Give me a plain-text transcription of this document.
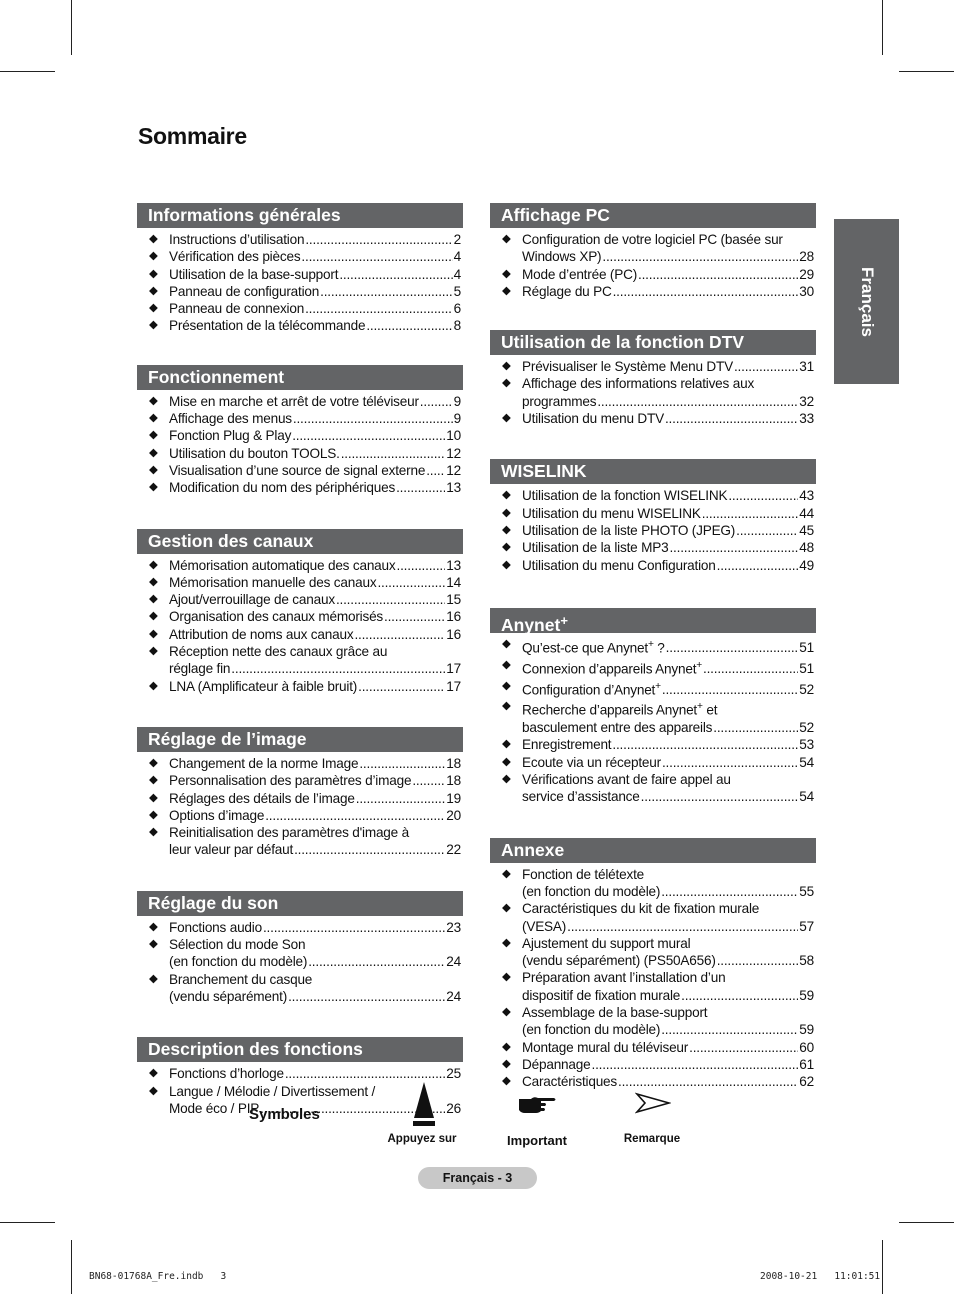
Sommaire
Français
Informations générales
◆ Instructions d’utilisation .....	2
◆ Vérification des pièces .....	4
◆ Utilisation de la base-support .....	4
◆ Panneau de configuration .....	5
◆ Panneau de connexion .....	6
◆ Présentation de la télécommande .....	8
Fonctionnement
◆ Mise en marche et arrêt de votre téléviseur .....	9
◆ Affichage des menus .....	9
◆ Fonction Plug & Play .....	10
◆ Utilisation du bouton TOOLS. .....	12
◆ Visualisation d’une source de signal externe ..... 12
◆ Modification du nom des périphériques .....	13
Gestion des canaux
◆ Mémorisation automatique des canaux .....	13
◆ Mémorisation manuelle des canaux .....	14
◆ Ajout/verrouillage de canaux .....	15
◆ Organisation des canaux mémorisés .....	16
◆ Attribution de noms aux canaux .....	16
◆ Réception nette des canaux grâce au
réglage fin .....	17
◆ LNA (Amplificateur à faible bruit) .....	17
Réglage de l’image
◆ Changement de la norme Image .....	18
◆ Personnalisation des paramètres d’image .....	18
◆ Réglages des détails de l’image .....	19
◆ Options d’image .....	20
◆ Reinitialisation des paramètres d'image à
leur valeur par défaut .....	22
Réglage du son
◆ Fonctions audio .....	23
◆ Sélection du mode Son
(en fonction du modèle) .....	24
◆ Branchement du casque
(vendu séparément) .....	24
Description des fonctions
◆ Fonctions d’horloge .....	25
◆ Langue / Mélodie / Divertissement /
Mode éco / PIP .....	26
Affichage PC
◆ Configuration de votre logiciel PC (basée sur
Windows XP) .....	28
◆ Mode d’entrée (PC) .....	29
◆ Réglage du PC .....	30
Utilisation de la fonction DTV
◆ Prévisualiser le Système Menu DTV .....	31
◆ Affichage des informations relatives aux
programmes .....	32
◆ Utilisation du menu DTV .....	33
WISELINK
◆ Utilisation de la fonction WISELINK .....	43
◆ Utilisation du menu WISELINK .....	44
◆ Utilisation de la liste PHOTO (JPEG) .....	45
◆ Utilisation de la liste MP3 .....	48
◆ Utilisation du menu Configuration .....	49
Anynet+
◆ Qu’est-ce que Anynet+ ? .....	51
◆ Connexion d’appareils Anynet+ .....	51
◆ Configuration d’Anynet+ .....	52
◆ Recherche d’appareils Anynet+ et
basculement entre des appareils .....	52
◆ Enregistrement .....	53
◆ Ecoute via un récepteur .....	54
◆ Vérifications avant de faire appel au
service d’assistance .....	54
Annexe
◆ Fonction de télétexte
(en fonction du modèle) .....	55
◆ Caractéristiques du kit de fixation murale
(VESA) .....	57
◆ Ajustement du support mural
(vendu séparément) (PS50A656) .....	58
◆ Préparation avant l’installation d’un
dispositif de fixation murale .....	59
◆ Assemblage de la base-support
(en fonction du modèle) .....	59
◆ Montage mural du téléviseur .....	60
◆ Dépannage .....	61
◆ Caractéristiques .....	62
Symboles
Appuyez sur	Important	Remarque
Français - 3
BN68-01768A_Fre.indb   3	2008-10-21   11:01:51
